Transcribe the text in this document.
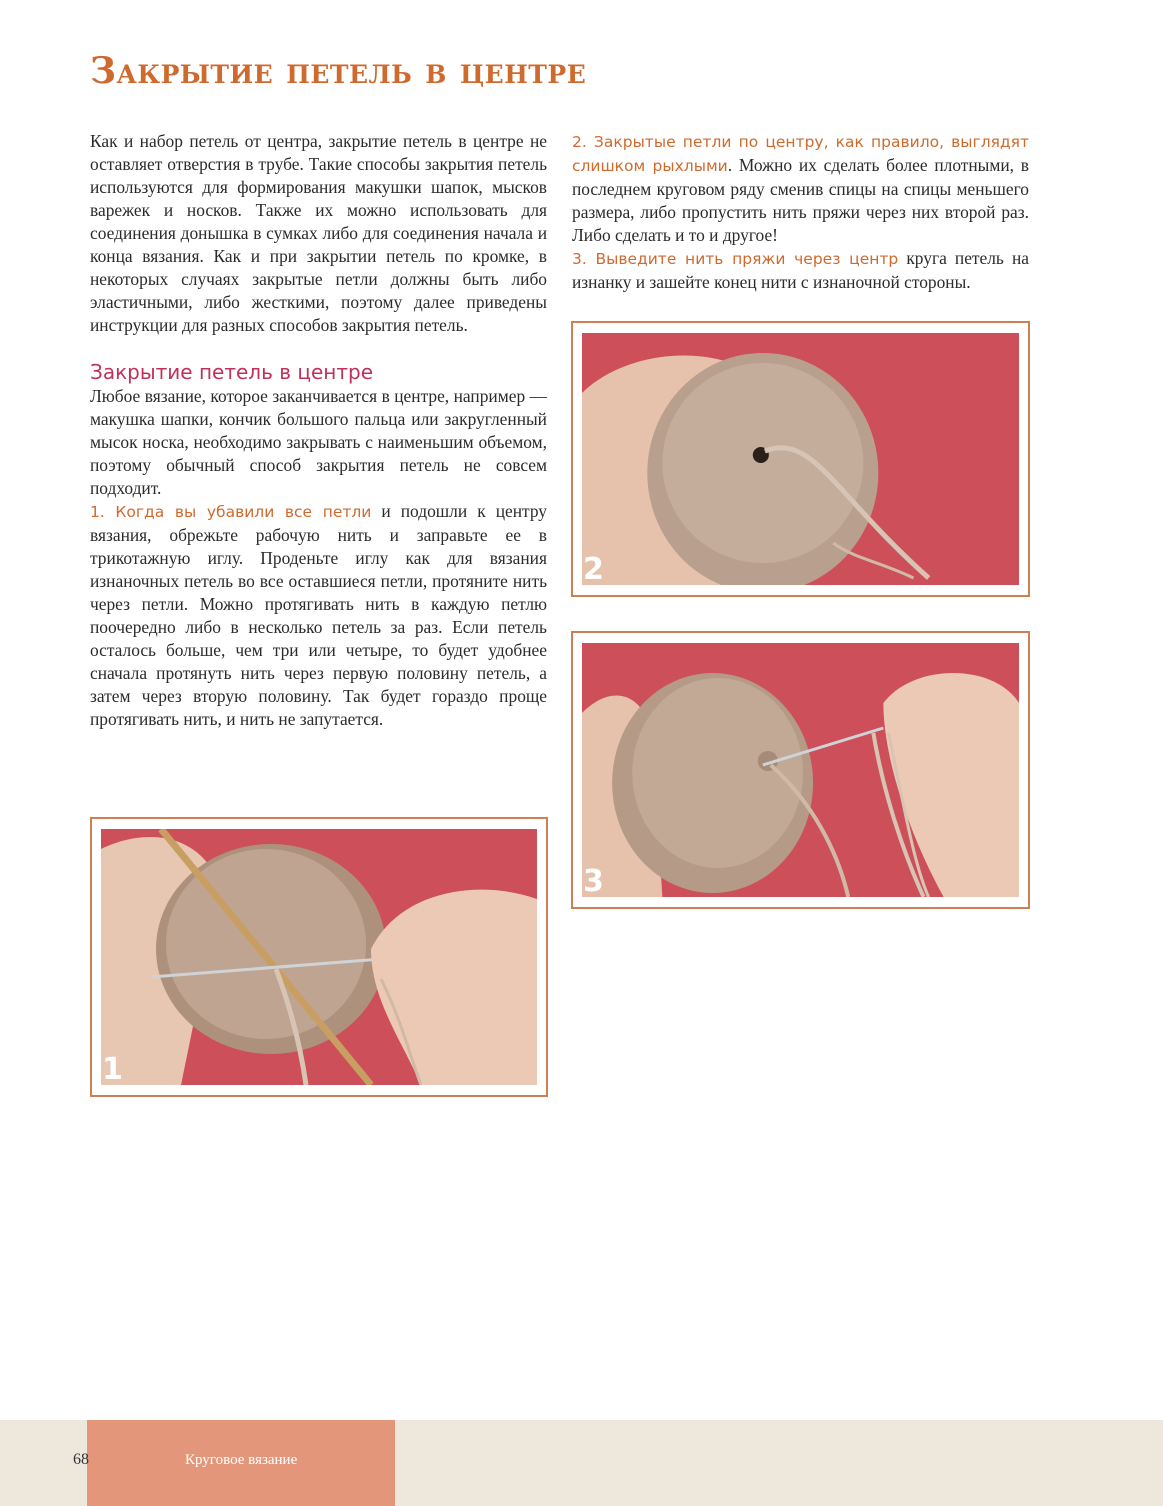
Закрытие петель в центре

Как и набор петель от центра, закрытие петель в центре не оставляет отверстия в трубе. Такие способы закрытия петель используются для формирования макушки шапок, мысков варежек и носков. Также их можно использовать для соединения донышка в сумках либо для соединения начала и конца вязания. Как и при закрытии петель по кромке, в некоторых случаях закрытые петли должны быть либо эластичными, либо жесткими, поэтому далее приведены инструкции для разных способов закрытия петель.

Закрытие петель в центре

Любое вязание, которое заканчивается в центре, например — макушка шапки, кончик большого пальца или закругленный мысок носка, необходимо закрывать с наименьшим объемом, поэтому обычный способ закрытия петель не совсем подходит.

1. Когда вы убавили все петли и подошли к центру вязания, обрежьте рабочую нить и заправьте ее в трикотажную иглу. Проденьте иглу как для вязания изнаночных петель во все оставшиеся петли, протяните нить через петли. Можно протягивать нить в каждую петлю поочередно либо в несколько петель за раз. Если петель осталось больше, чем три или четыре, то будет удобнее сначала протянуть нить через первую половину петель, а затем через вторую половину. Так будет гораздо проще протягивать нить, и нить не запутается.

2. Закрытые петли по центру, как правило, выглядят слишком рыхлыми. Можно их сделать более плотными, в последнем круговом ряду сменив спицы на спицы меньшего размера, либо пропустить нить пряжи через них второй раз. Либо сделать и то и другое!

3. Выведите нить пряжи через центр круга петель на изнанку и зашейте конец нити с изнаночной стороны.

2
3
1
68	Круговое вязание
